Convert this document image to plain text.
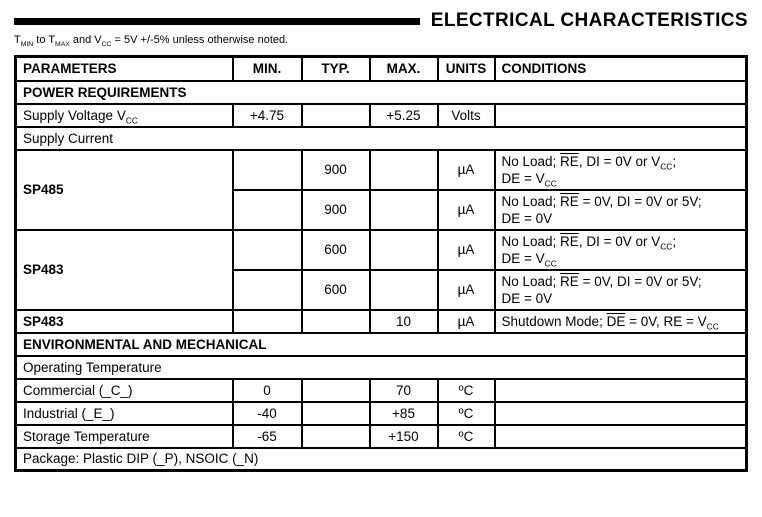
ELECTRICAL CHARACTERISTICS
$T_{MIN}$ to $T_{MAX}$ and $V_{CC} = 5V +/-5\%$ unless otherwise noted.
PARAMETERS	MIN.	TYP.	MAX.	UNITS	CONDITIONS
POWER REQUIREMENTS					
Supply Voltage $V_{CC}$	+4.75		+5.25	Volts	
Supply Current					
SP485		900		µA	No Load; $\overline{RE}$, DI = 0V or $V_{CC}$;
DE = $V_{CC}$
		900		µA	No Load; $\overline{RE} = 0V$, DI = 0V or 5V;
DE = 0V
SP483		600		µA	No Load; $\overline{RE}$, DI = 0V or $V_{CC}$;
DE = $V_{CC}$
		600		µA	No Load; $\overline{RE} = 0V$, DI = 0V or 5V;
DE = 0V
SP483			10	µA	Shutdown Mode; $\overline{DE} = 0V$, RE = $V_{CC}$
ENVIRONMENTAL AND MECHANICAL					
Operating Temperature					
Commercial (_C_)	0		70	ºC	
Industrial (_E_)	-40		+85	ºC	
Storage Temperature	-65		+150	ºC	
Package: Plastic DIP (_P), NSOIC (_N)					
